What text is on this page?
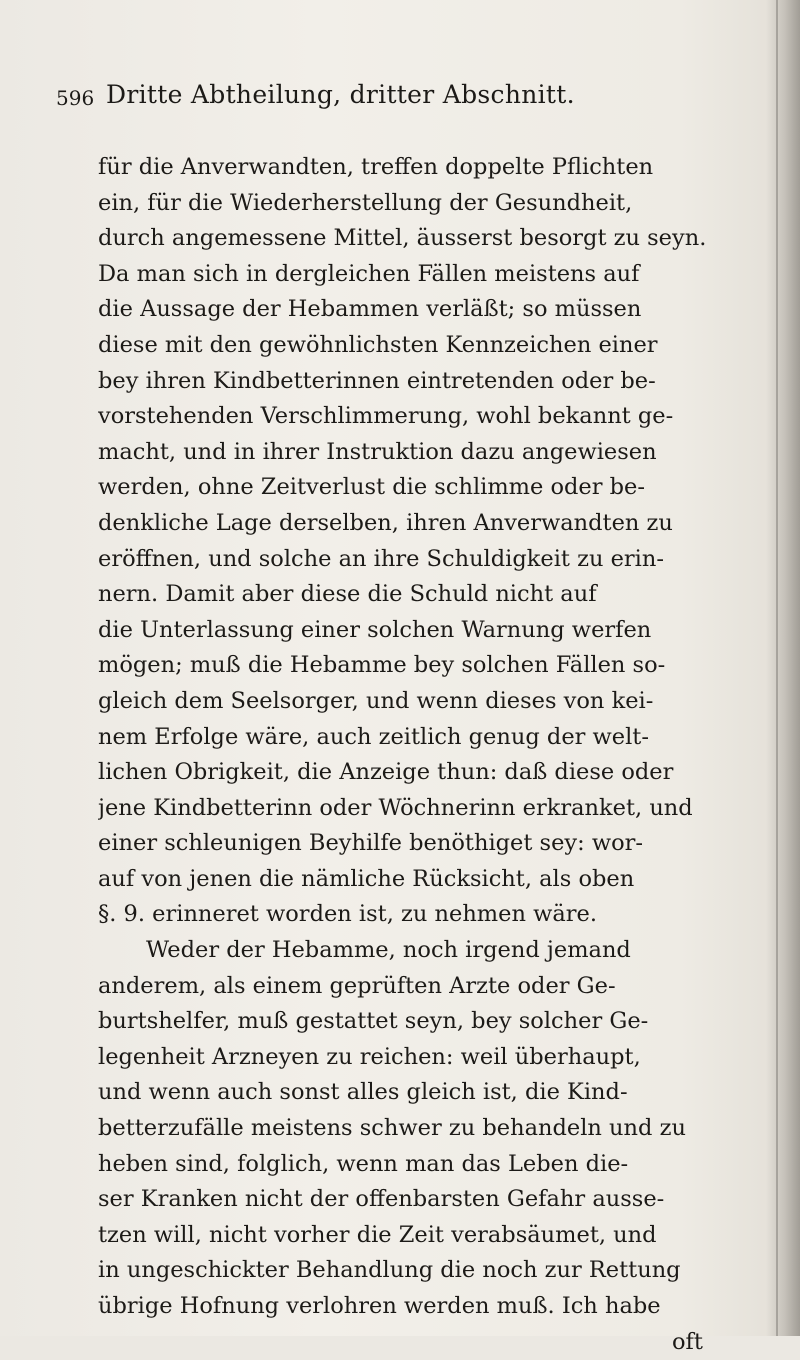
596 Dritte Abtheilung, dritter Abschnitt.
für die Anverwandten, treffen doppelte Pflichten
ein, für die Wiederherstellung der Gesundheit,
durch angemessene Mittel, äusserst besorgt zu seyn.
Da man sich in dergleichen Fällen meistens auf
die Aussage der Hebammen verläßt; so müssen
diese mit den gewöhnlichsten Kennzeichen einer
bey ihren Kindbetterinnen eintretenden oder be-
vorstehenden Verschlimmerung, wohl bekannt ge-
macht, und in ihrer Instruktion dazu angewiesen
werden, ohne Zeitverlust die schlimme oder be-
denkliche Lage derselben, ihren Anverwandten zu
eröffnen, und solche an ihre Schuldigkeit zu erin-
nern. Damit aber diese die Schuld nicht auf
die Unterlassung einer solchen Warnung werfen
mögen; muß die Hebamme bey solchen Fällen so-
gleich dem Seelsorger, und wenn dieses von kei-
nem Erfolge wäre, auch zeitlich genug der welt-
lichen Obrigkeit, die Anzeige thun: daß diese oder
jene Kindbetterinn oder Wöchnerinn erkranket, und
einer schleunigen Beyhilfe benöthiget sey: wor-
auf von jenen die nämliche Rücksicht, als oben
§. 9. erinneret worden ist, zu nehmen wäre.
Weder der Hebamme, noch irgend jemand
anderem, als einem geprüften Arzte oder Ge-
burtshelfer, muß gestattet seyn, bey solcher Ge-
legenheit Arzneyen zu reichen: weil überhaupt,
und wenn auch sonst alles gleich ist, die Kind-
betterzufälle meistens schwer zu behandeln und zu
heben sind, folglich, wenn man das Leben die-
ser Kranken nicht der offenbarsten Gefahr ausse-
tzen will, nicht vorher die Zeit verabsäumet, und
in ungeschickter Behandlung die noch zur Rettung
übrige Hofnung verlohren werden muß. Ich habe
oft
